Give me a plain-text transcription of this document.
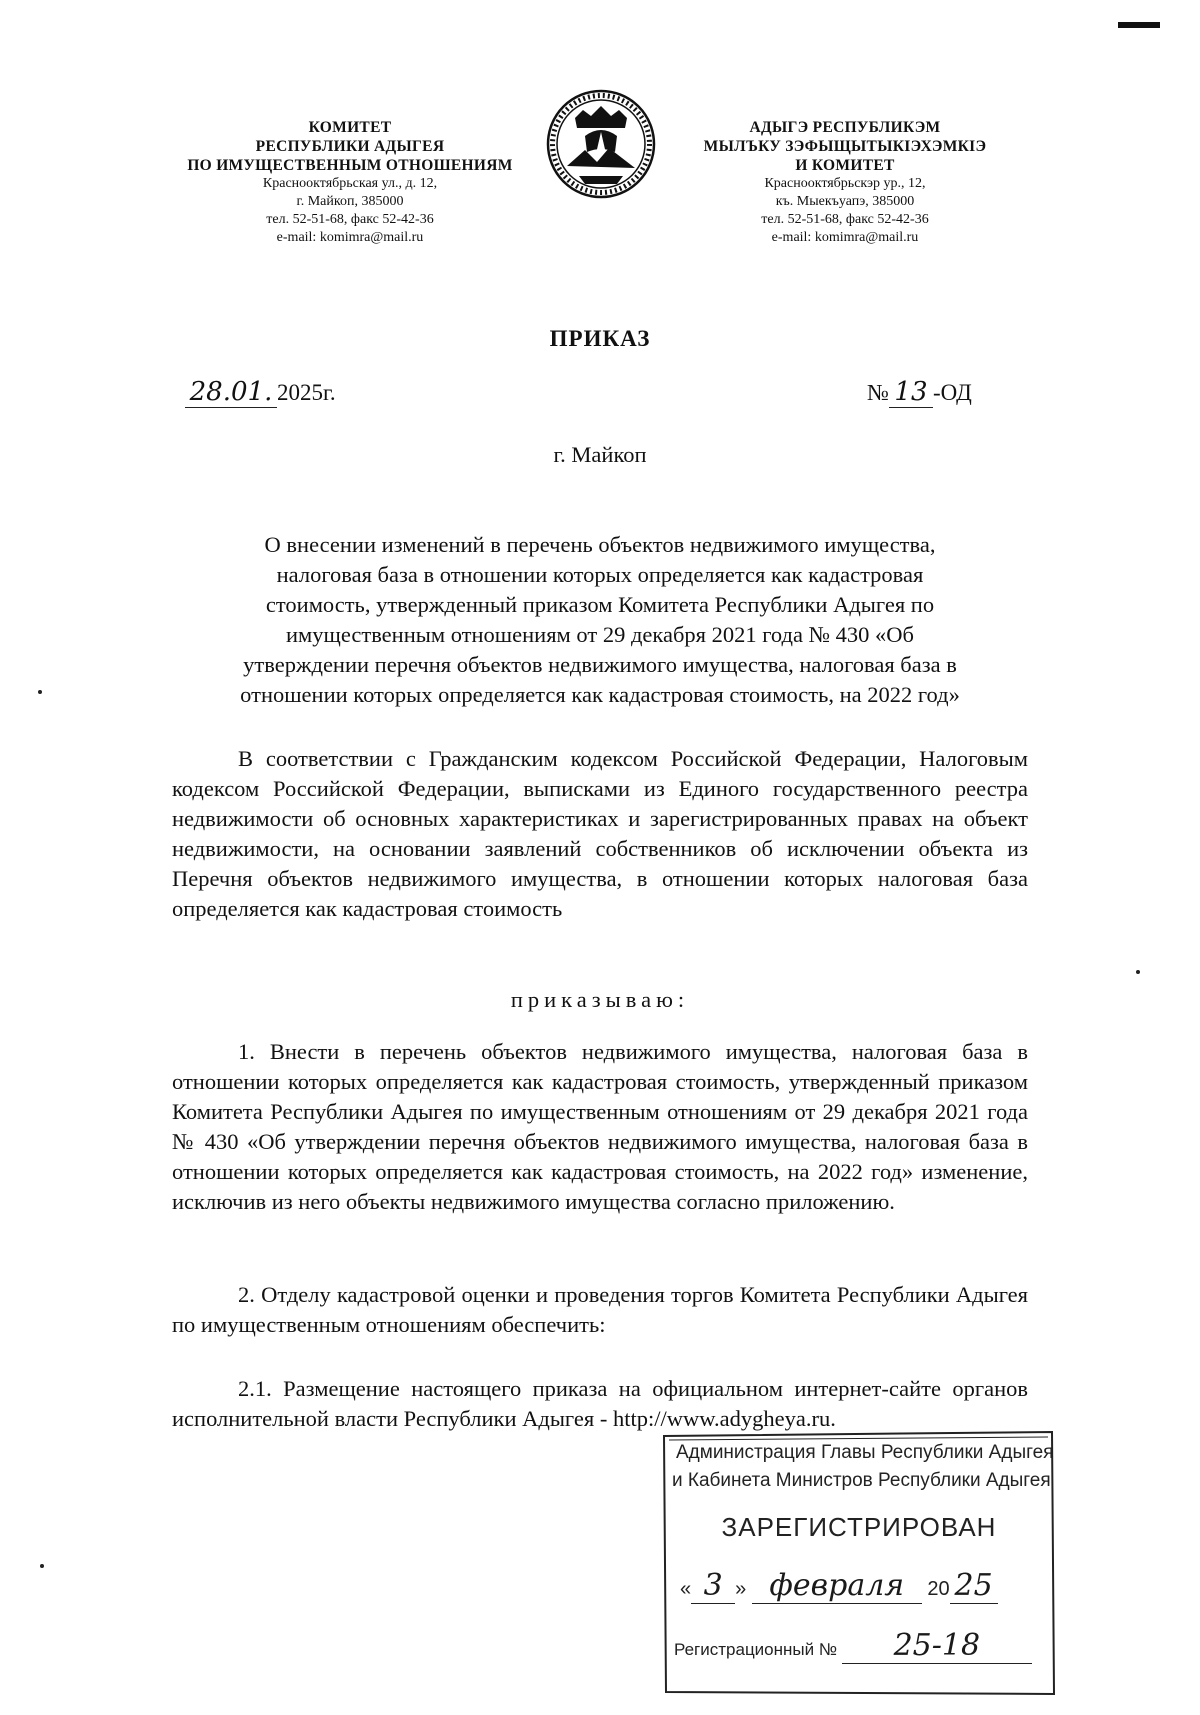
КОМИТЕТ
РЕСПУБЛИКИ АДЫГЕЯ
ПО ИМУЩЕСТВЕННЫМ ОТНОШЕНИЯМ
Краснооктябрьская ул., д. 12,
г. Майкоп, 385000
тел. 52-51-68, факс 52-42-36
e-mail: komimra@mail.ru
АДЫГЭ РЕСПУБЛИКЭМ
МЫЛЪКУ ЗЭФЫЩЫТЫКIЭХЭМКIЭ
И КОМИТЕТ
Краснооктябрьскэр ур., 12,
къ. Мыекъуапэ, 385000
тел. 52-51-68, факс 52-42-36
e-mail: komimra@mail.ru
ПРИКАЗ
28.01. 2025г.	№ 13 -ОД
г. Майкоп
О внесении изменений в перечень объектов недвижимого имущества,
налоговая база в отношении которых определяется как кадастровая
стоимость, утвержденный приказом Комитета Республики Адыгея по
имущественным отношениям от 29 декабря 2021 года № 430 «Об
утверждении перечня объектов недвижимого имущества, налоговая база в
отношении которых определяется как кадастровая стоимость, на 2022 год»
В соответствии с Гражданским кодексом Российской Федерации, Налоговым кодексом Российской Федерации, выписками из Единого государственного реестра недвижимости об основных характеристиках и зарегистрированных правах на объект недвижимости, на основании заявлений собственников об исключении объекта из Перечня объектов недвижимого имущества, в отношении которых налоговая база определяется как кадастровая стоимость
приказываю:
1. Внести в перечень объектов недвижимого имущества, налоговая база в отношении которых определяется как кадастровая стоимость, утвержденный приказом Комитета Республики Адыгея по имущественным отношениям от 29 декабря 2021 года № 430 «Об утверждении перечня объектов недвижимого имущества, налоговая база в отношении которых определяется как кадастровая стоимость, на 2022 год» изменение, исключив из него объекты недвижимого имущества согласно приложению.
2. Отделу кадастровой оценки и проведения торгов Комитета Республики Адыгея по имущественным отношениям обеспечить:
2.1. Размещение настоящего приказа на официальном интернет-сайте органов исполнительной власти Республики Адыгея - http://www.adygheya.ru.
Администрация Главы Республики Адыгея
и Кабинета Министров Республики Адыгея
ЗАРЕГИСТРИРОВАН
« 3 » февраля 20 25
Регистрационный № 25-18
